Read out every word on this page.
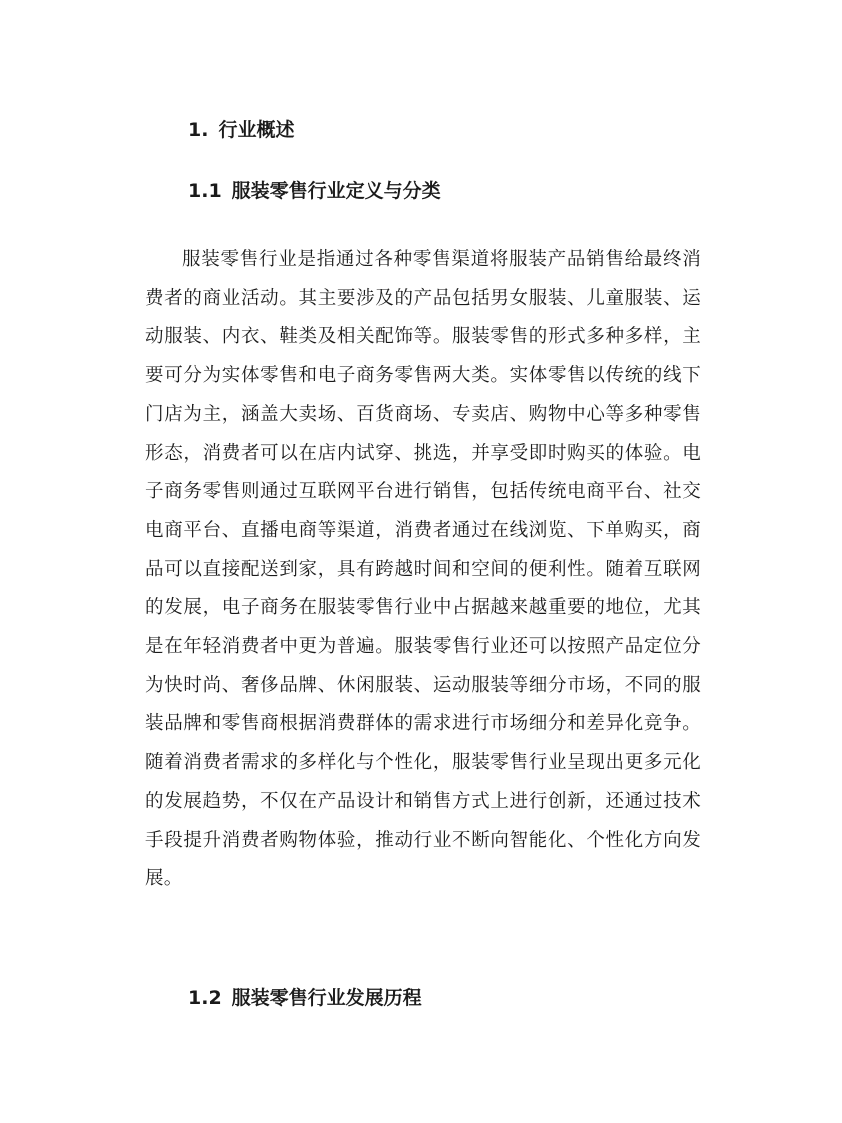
1. 行业概述
1.1 服装零售行业定义与分类

服装零售行业是指通过各种零售渠道将服装产品销售给最终消费者的商业活动。其主要涉及的产品包括男女服装、儿童服装、运动服装、内衣、鞋类及相关配饰等。服装零售的形式多种多样，主要可分为实体零售和电子商务零售两大类。实体零售以传统的线下门店为主，涵盖大卖场、百货商场、专卖店、购物中心等多种零售形态，消费者可以在店内试穿、挑选，并享受即时购买的体验。电子商务零售则通过互联网平台进行销售，包括传统电商平台、社交电商平台、直播电商等渠道，消费者通过在线浏览、下单购买，商品可以直接配送到家，具有跨越时间和空间的便利性。随着互联网的发展，电子商务在服装零售行业中占据越来越重要的地位，尤其是在年轻消费者中更为普遍。服装零售行业还可以按照产品定位分为快时尚、奢侈品牌、休闲服装、运动服装等细分市场，不同的服装品牌和零售商根据消费群体的需求进行市场细分和差异化竞争。随着消费者需求的多样化与个性化，服装零售行业呈现出更多元化的发展趋势，不仅在产品设计和销售方式上进行创新，还通过技术手段提升消费者购物体验，推动行业不断向智能化、个性化方向发展。

1.2 服装零售行业发展历程
